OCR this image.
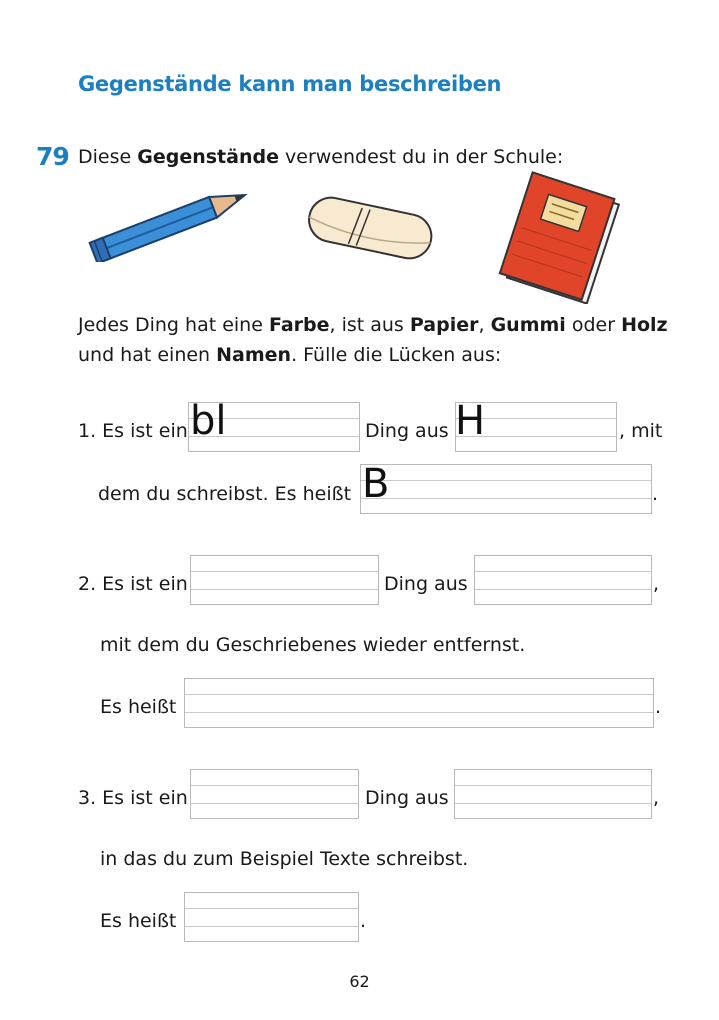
Gegenstände kann man beschreiben
79 Diese Gegenstände verwendest du in der Schule:
Jedes Ding hat eine Farbe, ist aus Papier, Gummi oder Holz
und hat einen Namen. Fülle die Lücken aus:
1. Es ist ein bl	Ding aus H	, mit
dem du schreibst. Es heißt B	.
2. Es ist ein	Ding aus	,
mit dem du Geschriebenes wieder entfernst.
Es heißt	.
3. Es ist ein	Ding aus	,
in das du zum Beispiel Texte schreibst.
Es heißt	.
62
